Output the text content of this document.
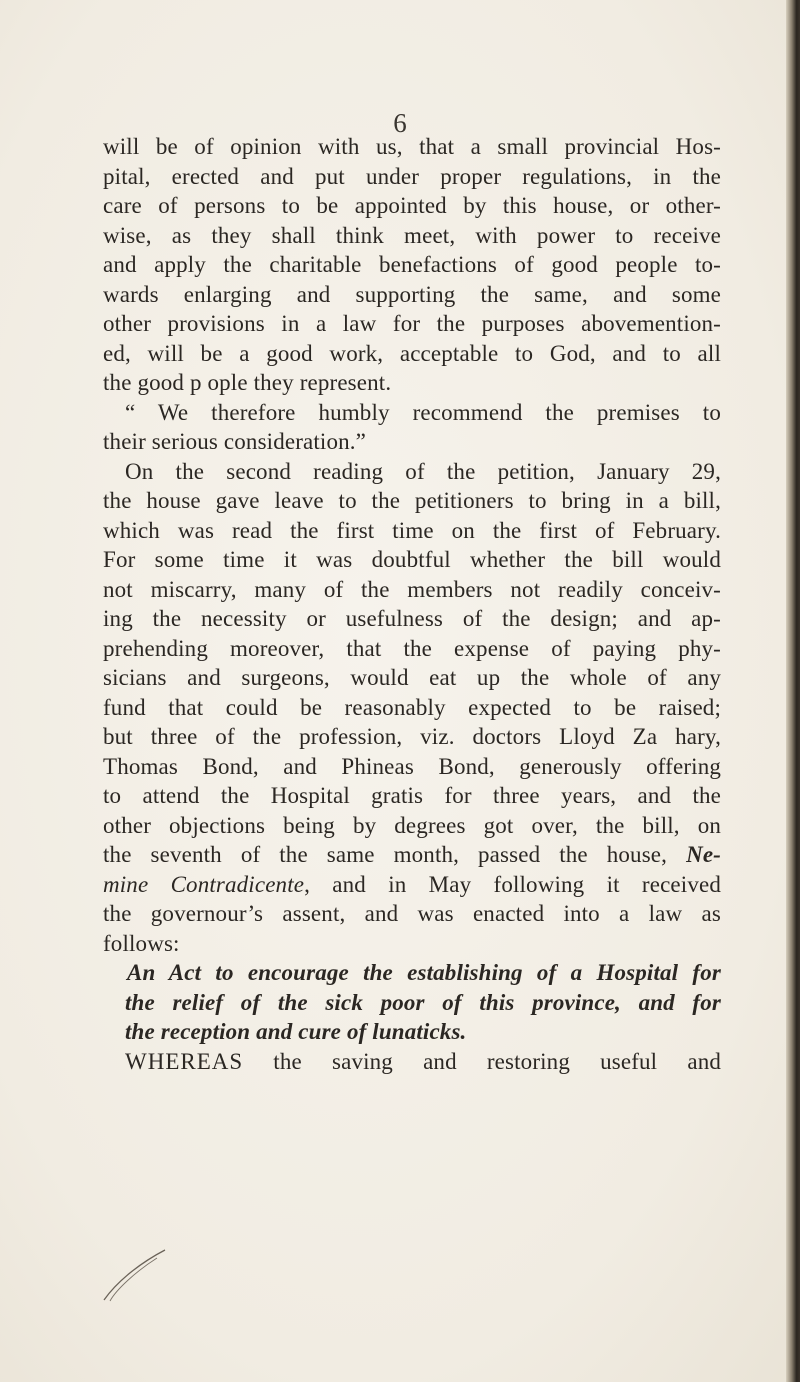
6
will be of opinion with us, that a small provincial Hos-
pital, erected and put under proper regulations, in the
care of persons to be appointed by this house, or other-
wise, as they shall think meet, with power to receive
and apply the charitable benefactions of good people to-
wards enlarging and supporting the same, and some
other provisions in a law for the purposes abovemention-
ed, will be a good work, acceptable to God, and to all
the good p ople they represent.
“ We therefore humbly recommend the premises to
their serious consideration.”
On the second reading of the petition, January 29,
the house gave leave to the petitioners to bring in a bill,
which was read the first time on the first of February.
For some time it was doubtful whether the bill would
not miscarry, many of the members not readily conceiv-
ing the necessity or usefulness of the design; and ap-
prehending moreover, that the expense of paying phy-
sicians and surgeons, would eat up the whole of any
fund that could be reasonably expected to be raised;
but three of the profession, viz. doctors Lloyd Za hary,
Thomas Bond, and Phineas Bond, generously offering
to attend the Hospital gratis for three years, and the
other objections being by degrees got over, the bill, on
the seventh of the same month, passed the house, Ne-
mine Contradicente, and in May following it received
the governour’s assent, and was enacted into a law as
follows:
An Act to encourage the establishing of a Hospital for
the relief of the sick poor of this province, and for
the reception and cure of lunaticks.
WHEREAS the saving and restoring useful and
